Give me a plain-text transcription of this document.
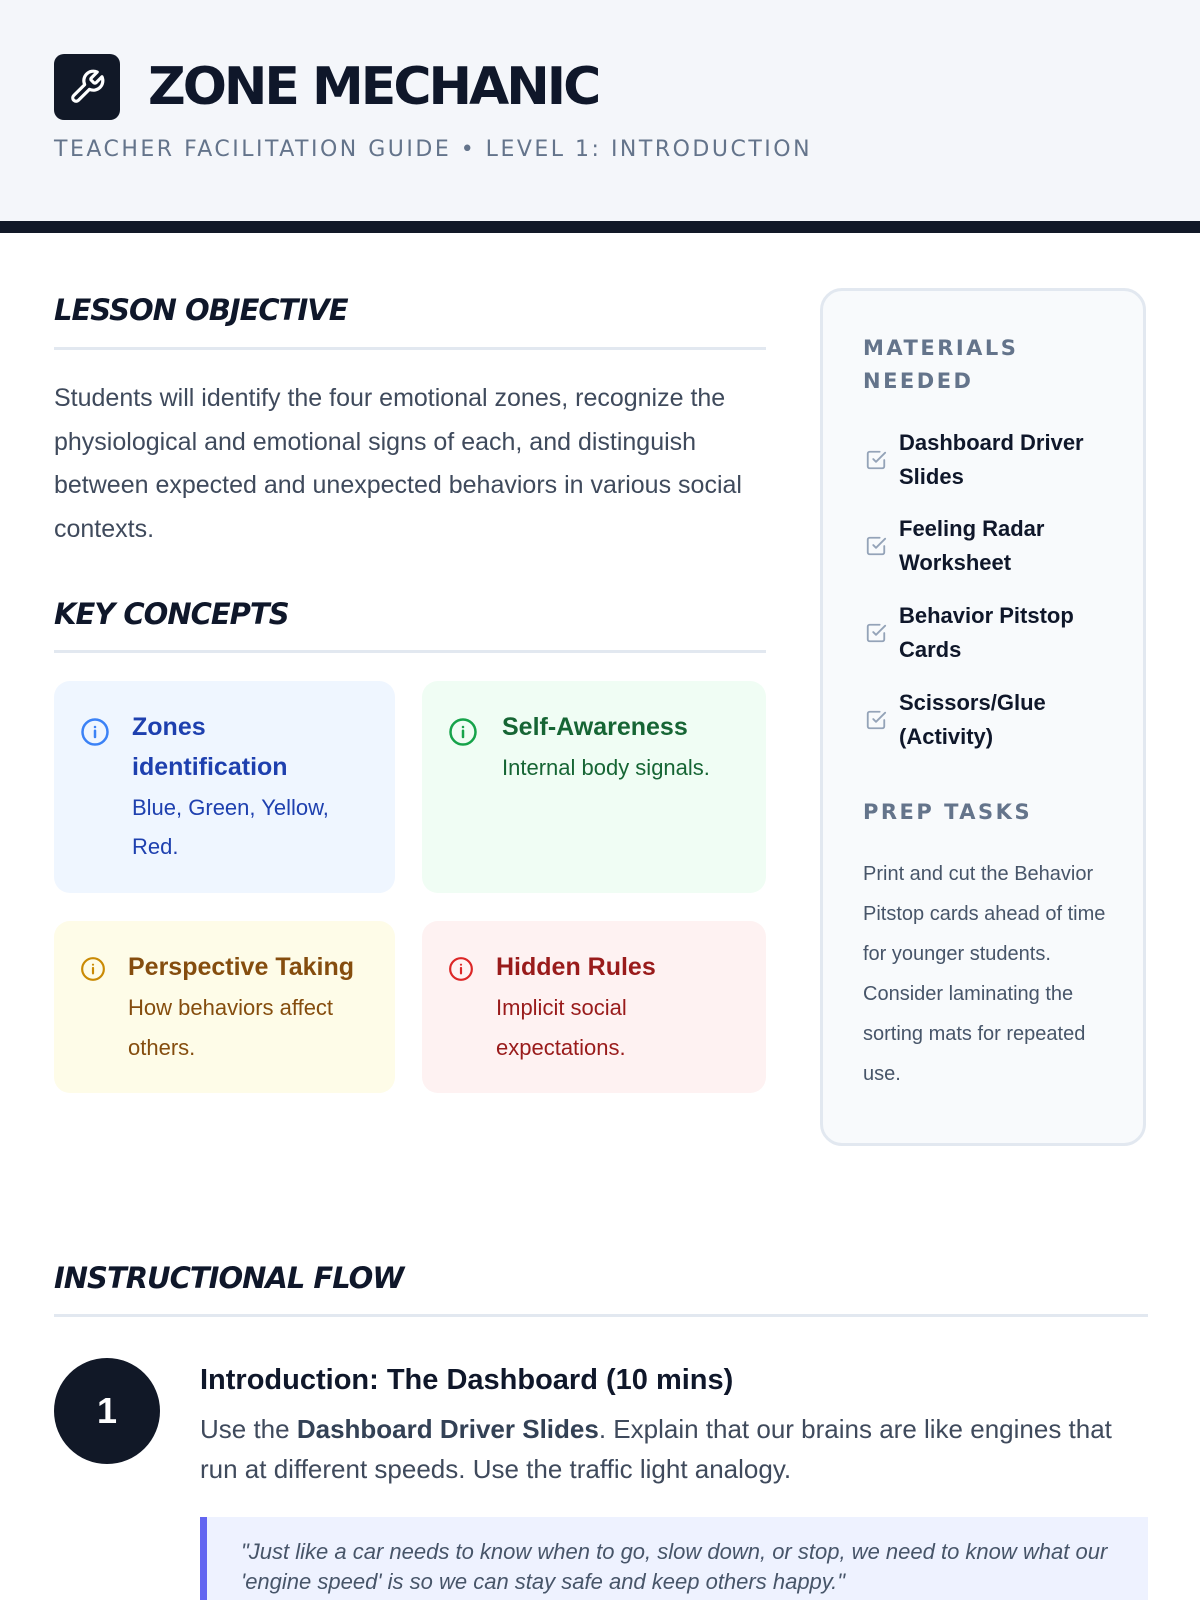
ZONE MECHANIC
TEACHER FACILITATION GUIDE • LEVEL 1: INTRODUCTION
LESSON OBJECTIVE
Students will identify the four emotional zones, recognize the physiological and emotional signs of each, and distinguish between expected and unexpected behaviors in various social contexts.
KEY CONCEPTS
Zones
identification
Blue, Green, Yellow,
Red.
Self-Awareness
Internal body signals.
Perspective Taking
How behaviors affect
others.
Hidden Rules
Implicit social
expectations.
MATERIALS
NEEDED
Dashboard Driver
Slides
Feeling Radar
Worksheet
Behavior Pitstop
Cards
Scissors/Glue
(Activity)
PREP TASKS
Print and cut the Behavior Pitstop cards ahead of time for younger students. Consider laminating the sorting mats for repeated use.
INSTRUCTIONAL FLOW
1
Introduction: The Dashboard (10 mins)
Use the Dashboard Driver Slides. Explain that our brains are like engines that run at different speeds. Use the traffic light analogy.
"Just like a car needs to know when to go, slow down, or stop, we need to know what our 'engine speed' is so we can stay safe and keep others happy."
